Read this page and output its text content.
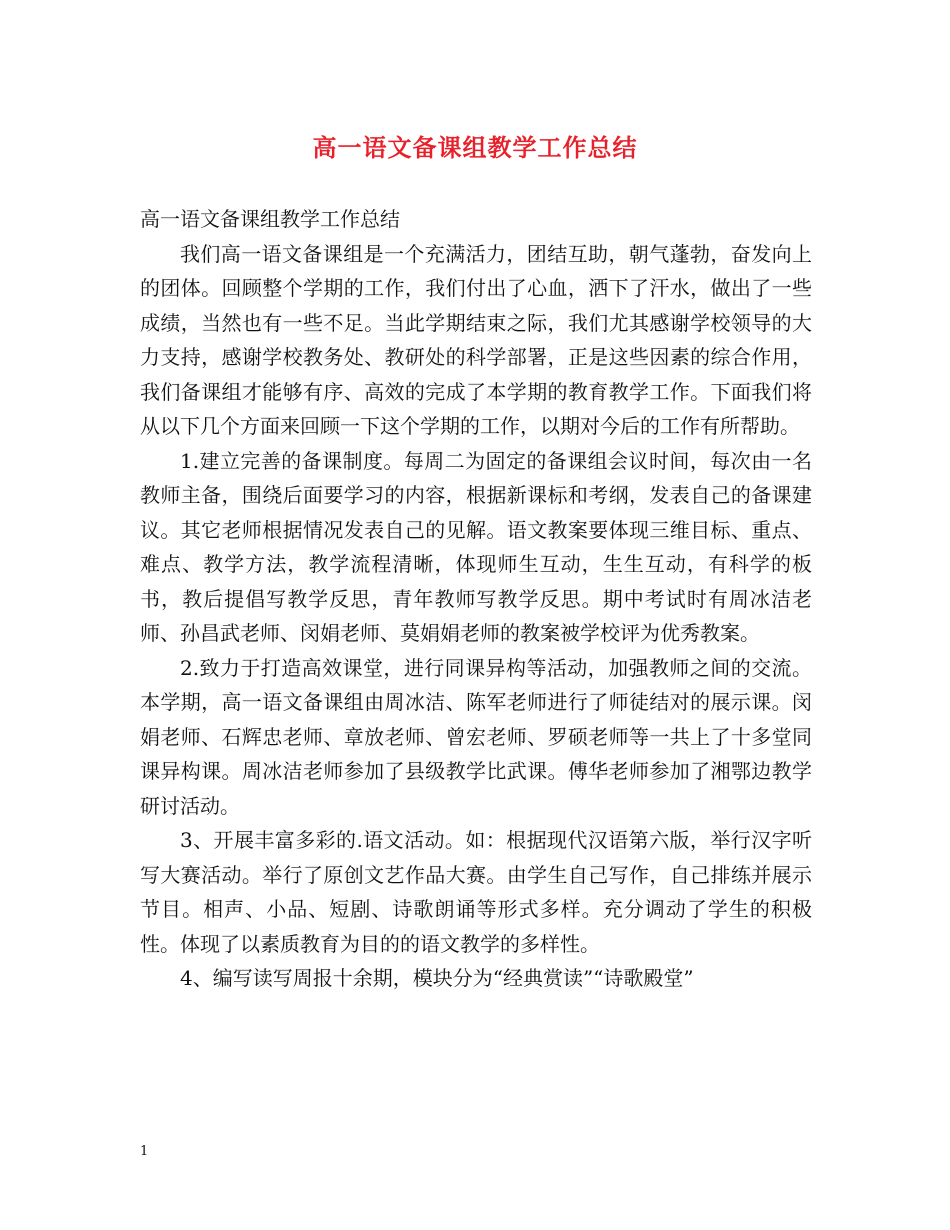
高一语文备课组教学工作总结

高一语文备课组教学工作总结

我们高一语文备课组是一个充满活力，团结互助，朝气蓬勃，奋发向上的团体。回顾整个学期的工作，我们付出了心血，洒下了汗水，做出了一些成绩，当然也有一些不足。当此学期结束之际，我们尤其感谢学校领导的大力支持，感谢学校教务处、教研处的科学部署，正是这些因素的综合作用，我们备课组才能够有序、高效的完成了本学期的教育教学工作。下面我们将从以下几个方面来回顾一下这个学期的工作，以期对今后的工作有所帮助。

1.建立完善的备课制度。每周二为固定的备课组会议时间，每次由一名教师主备，围绕后面要学习的内容，根据新课标和考纲，发表自己的备课建议。其它老师根据情况发表自己的见解。语文教案要体现三维目标、重点、难点、教学方法，教学流程清晰，体现师生互动，生生互动，有科学的板书，教后提倡写教学反思，青年教师写教学反思。期中考试时有周冰洁老师、孙昌武老师、闵娟老师、莫娟娟老师的教案被学校评为优秀教案。

2.致力于打造高效课堂，进行同课异构等活动，加强教师之间的交流。本学期，高一语文备课组由周冰洁、陈军老师进行了师徒结对的展示课。闵娟老师、石辉忠老师、章放老师、曾宏老师、罗硕老师等一共上了十多堂同课异构课。周冰洁老师参加了县级教学比武课。傅华老师参加了湘鄂边教学研讨活动。

3、开展丰富多彩的.语文活动。如：根据现代汉语第六版，举行汉字听写大赛活动。举行了原创文艺作品大赛。由学生自己写作，自己排练并展示节目。相声、小品、短剧、诗歌朗诵等形式多样。充分调动了学生的积极性。体现了以素质教育为目的的语文教学的多样性。

4、编写读写周报十余期，模块分为“经典赏读”“诗歌殿堂”

1
